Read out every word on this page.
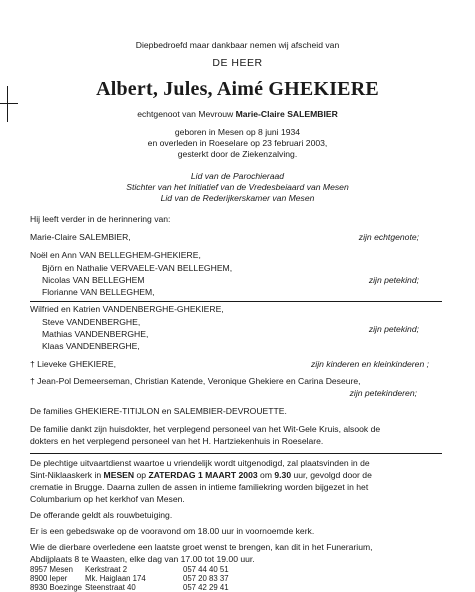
Diepbedroefd maar dankbaar nemen wij afscheid van
DE HEER
Albert, Jules, Aimé GHEKIERE
echtgenoot van Mevrouw Marie-Claire SALEMBIER
geboren in Mesen op 8 juni 1934
en overleden in Roeselare op 23 februari 2003,
gesterkt door de Ziekenzalving.
Lid van de Parochieraad
Stichter van het Initiatief van de Vredesbeiaard van Mesen
Lid van de Rederijkerskamer van Mesen
Hij leeft verder in de herinnering van:
Marie-Claire SALEMBIER,	zijn echtgenote;
Noël en Ann VAN BELLEGHEM-GHEKIERE,
Björn en Nathalie VERVAELE-VAN BELLEGHEM,
Nicolas VAN BELLEGHEM	zijn petekind;
Florianne VAN BELLEGHEM,
Wilfried en Katrien VANDENBERGHE-GHEKIERE,
Steve VANDENBERGHE,
Mathias VANDENBERGHE,	zijn petekind;
Klaas VANDENBERGHE,
† Lieveke GHEKIERE,	zijn kinderen en kleinkinderen ;
† Jean-Pol Demeerseman, Christian Katende, Veronique Ghekiere en Carina Deseure,
zijn petekinderen;
De families GHEKIERE-TITIJLON en SALEMBIER-DEVROUETTE.
De familie dankt zijn huisdokter, het verplegend personeel van het Wit-Gele Kruis, alsook de
dokters en het verplegend personeel van het H. Hartziekenhuis in Roeselare.
De plechtige uitvaartdienst waartoe u vriendelijk wordt uitgenodigd, zal plaatsvinden in de
Sint-Niklaaskerk in MESEN op ZATERDAG 1 MAART 2003 om 9.30 uur, gevolgd door de
crematie in Brugge. Daarna zullen de assen in intieme familiekring worden bijgezet in het
Columbarium op het kerkhof van Mesen.
De offerande geldt als rouwbetuiging.
Er is een gebedswake op de vooravond om 18.00 uur in voornoemde kerk.
Wie de dierbare overledene een laatste groet wenst te brengen, kan dit in het Funerarium,
Abdijplaats 8 te Waasten, elke dag van 17.00 tot 19.00 uur.
8957 Mesen Kerkstraat 2	057 44 40 51
8900 Ieper Mk. Haiglaan 174	057 20 83 37
8930 Boezinge Steenstraat 40	057 42 29 41
